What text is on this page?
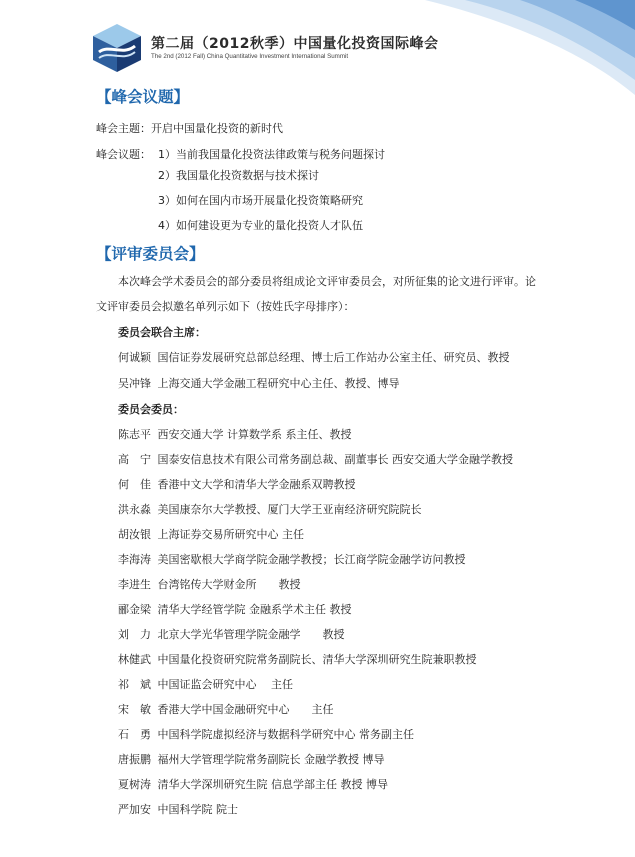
第二届（2012秋季）中国量化投资国际峰会
The 2nd (2012 Fall) China Quantitative Investment International Summit
【峰会议题】
峰会主题：开启中国量化投资的新时代
峰会议题： 1）当前我国量化投资法律政策与税务问题探讨
2）我国量化投资数据与技术探讨
3）如何在国内市场开展量化投资策略研究
4）如何建设更为专业的量化投资人才队伍
【评审委员会】
本次峰会学术委员会的部分委员将组成论文评审委员会，对所征集的论文进行评审。论
文评审委员会拟邀名单列示如下（按姓氏字母排序）：
委员会联合主席：
何诚颖 国信证券发展研究总部总经理、博士后工作站办公室主任、研究员、教授
吴冲锋 上海交通大学金融工程研究中心主任、教授、博导
委员会委员：
陈志平 西安交通大学 计算数学系 系主任、教授
高　宁 国泰安信息技术有限公司常务副总裁、副董事长 西安交通大学金融学教授
何　佳 香港中文大学和清华大学金融系双聘教授
洪永淼 美国康奈尔大学教授、厦门大学王亚南经济研究院院长
胡汝银 上海证券交易所研究中心 主任
李海涛 美国密歇根大学商学院金融学教授；长江商学院金融学访问教授
李进生 台湾铭传大学财金所　　教授
郦金梁 清华大学经管学院 金融系学术主任 教授
刘　力 北京大学光华管理学院金融学　　教授
林健武 中国量化投资研究院常务副院长、清华大学深圳研究生院兼职教授
祁　斌 中国证监会研究中心　 主任
宋　敏 香港大学中国金融研究中心　　主任
石　勇 中国科学院虚拟经济与数据科学研究中心 常务副主任
唐振鹏 福州大学管理学院常务副院长 金融学教授 博导
夏树涛 清华大学深圳研究生院 信息学部主任 教授 博导
严加安 中国科学院 院士
